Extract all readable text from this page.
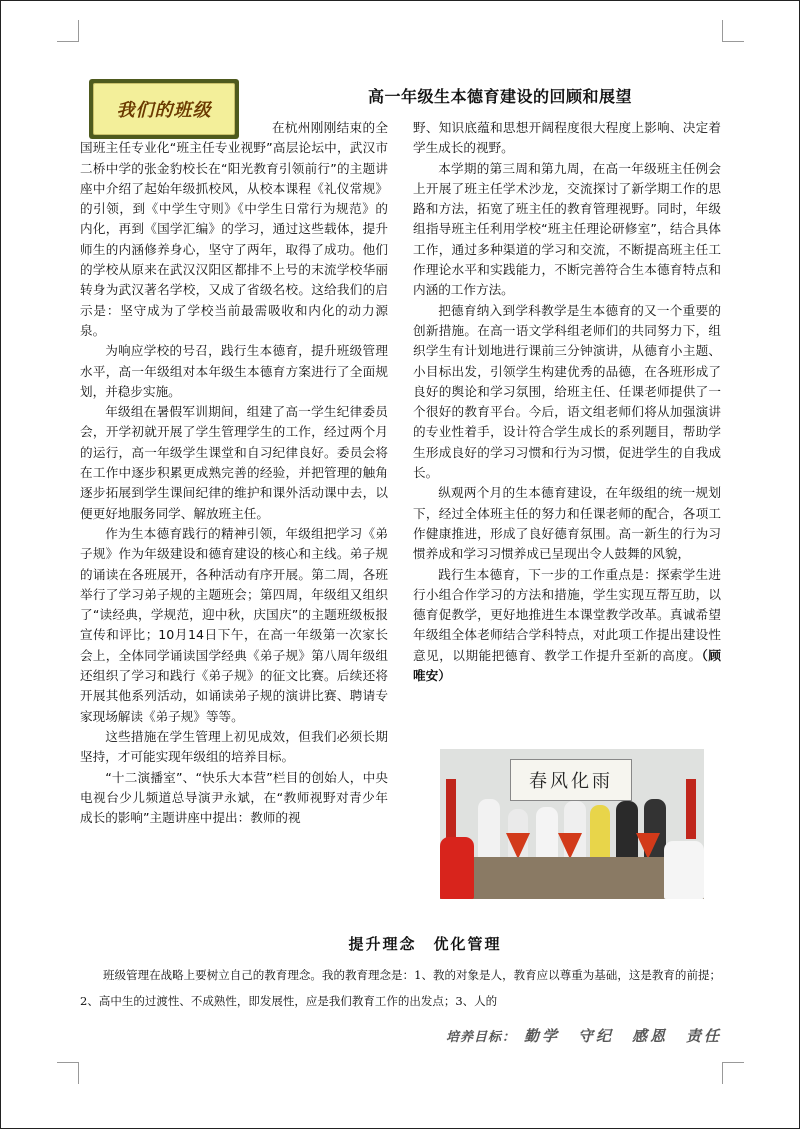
我们的班级
高一年级生本德育建设的回顾和展望

在杭州刚刚结束的全国班主任专业化“班主任专业视野”高层论坛中，武汉市二桥中学的张金豹校长在“阳光教育引领前行”的主题讲座中介绍了起始年级抓校风，从校本课程《礼仪常规》的引领，到《中学生守则》《中学生日常行为规范》的内化，再到《国学汇编》的学习，通过这些载体，提升师生的内涵修养身心，坚守了两年，取得了成功。他们的学校从原来在武汉汉阳区都排不上号的末流学校华丽转身为武汉著名学校，又成了省级名校。这给我们的启示是：坚守成为了学校当前最需吸收和内化的动力源泉。

为响应学校的号召，践行生本德育，提升班级管理水平，高一年级组对本年级生本德育方案进行了全面规划，并稳步实施。

年级组在暑假军训期间，组建了高一学生纪律委员会，开学初就开展了学生管理学生的工作，经过两个月的运行，高一年级学生课堂和自习纪律良好。委员会将在工作中逐步积累更成熟完善的经验，并把管理的触角逐步拓展到学生课间纪律的维护和课外活动课中去，以便更好地服务同学、解放班主任。

作为生本德育践行的精神引领，年级组把学习《弟子规》作为年级建设和德育建设的核心和主线。弟子规的诵读在各班展开，各种活动有序开展。第二周，各班举行了学习弟子规的主题班会；第四周，年级组又组织了“读经典，学规范，迎中秋，庆国庆”的主题班级板报宣传和评比；10月14日下午，在高一年级第一次家长会上，全体同学诵读国学经典《弟子规》第八周年级组还组织了学习和践行《弟子规》的征文比赛。后续还将开展其他系列活动，如诵读弟子规的演讲比赛、聘请专家现场解读《弟子规》等等。

这些措施在学生管理上初见成效，但我们必须长期坚持，才可能实现年级组的培养目标。

“十二演播室”、“快乐大本营”栏目的创始人，中央电视台少儿频道总导演尹永斌，在“教师视野对青少年成长的影响”主题讲座中提出：教师的视

野、知识底蕴和思想开阔程度很大程度上影响、决定着学生成长的视野。

本学期的第三周和第九周，在高一年级班主任例会上开展了班主任学术沙龙，交流探讨了新学期工作的思路和方法，拓宽了班主任的教育管理视野。同时，年级组指导班主任利用学校“班主任理论研修室”，结合具体工作，通过多种渠道的学习和交流，不断提高班主任工作理论水平和实践能力，不断完善符合生本德育特点和内涵的工作方法。

把德育纳入到学科教学是生本德育的又一个重要的创新措施。在高一语文学科组老师们的共同努力下，组织学生有计划地进行课前三分钟演讲，从德育小主题、小目标出发，引领学生构建优秀的品德，在各班形成了良好的舆论和学习氛围，给班主任、任课老师提供了一个很好的教育平台。今后，语文组老师们将从加强演讲的专业性着手，设计符合学生成长的系列题目，帮助学生形成良好的学习习惯和行为习惯，促进学生的自我成长。

纵观两个月的生本德育建设，在年级组的统一规划下，经过全体班主任的努力和任课老师的配合，各项工作健康推进，形成了良好德育氛围。高一新生的行为习惯养成和学习习惯养成已呈现出令人鼓舞的风貌，

践行生本德育，下一步的工作重点是：探索学生进行小组合作学习的方法和措施，学生实现互帮互助，以德育促教学，更好地推进生本课堂教学改革。真诚希望年级组全体老师结合学科特点，对此项工作提出建设性意见，以期能把德育、教学工作提升至新的高度。（顾唯安）

春风化雨
提升理念　优化管理
班级管理在战略上要树立自己的教育理念。我的教育理念是：1、教的对象是人，教育应以尊重为基础，这是教育的前提；2、高中生的过渡性、不成熟性，即发展性，应是我们教育工作的出发点；3、人的
培养目标： 勤学　守纪　感恩　责任
